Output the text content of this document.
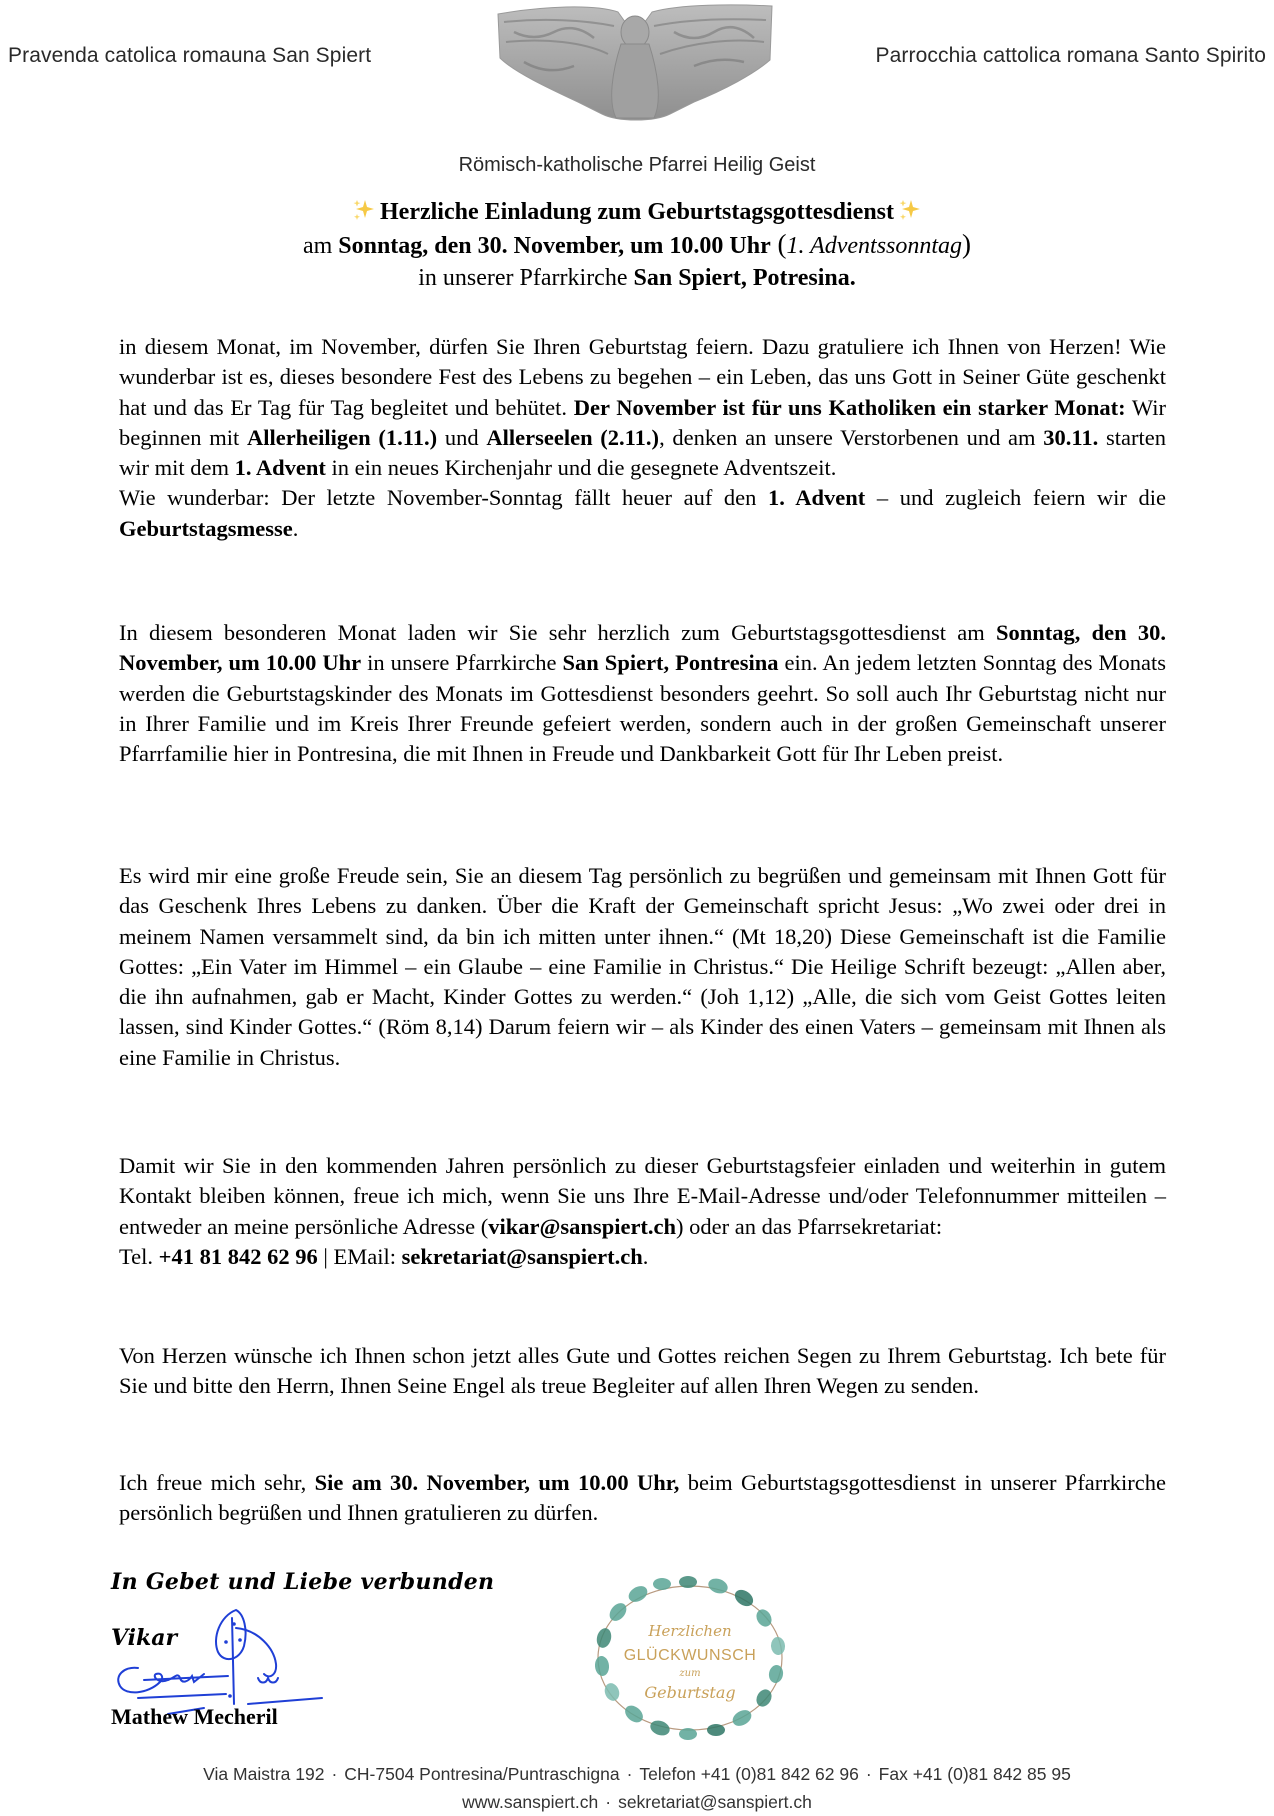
Pravenda catolica romauna San Spiert	Parrocchia cattolica romana Santo Spirito
Römisch-katholische Pfarrei Heilig Geist
Herzliche Einladung zum Geburtstagsgottesdienst
am Sonntag, den 30. November, um 10.00 Uhr (1. Adventssonntag)
in unserer Pfarrkirche San Spiert, Potresina.

in diesem Monat, im November, dürfen Sie Ihren Geburtstag feiern. Dazu gratuliere ich Ihnen von Herzen! Wie wunderbar ist es, dieses besondere Fest des Lebens zu begehen – ein Leben, das uns Gott in Seiner Güte geschenkt hat und das Er Tag für Tag begleitet und behütet. Der November ist für uns Katholiken ein starker Monat: Wir beginnen mit Allerheiligen (1.11.) und Allerseelen (2.11.), denken an unsere Verstorbenen und am 30.11. starten wir mit dem 1. Advent in ein neues Kirchenjahr und die gesegnete Adventszeit.

Wie wunderbar: Der letzte November-Sonntag fällt heuer auf den 1. Advent – und zugleich feiern wir die Geburtstagsmesse.

In diesem besonderen Monat laden wir Sie sehr herzlich zum Geburtstagsgottesdienst am Sonntag, den 30. November, um 10.00 Uhr in unsere Pfarrkirche San Spiert, Pontresina ein. An jedem letzten Sonntag des Monats werden die Geburtstagskinder des Monats im Gottesdienst besonders geehrt. So soll auch Ihr Geburtstag nicht nur in Ihrer Familie und im Kreis Ihrer Freunde gefeiert werden, sondern auch in der großen Gemeinschaft unserer Pfarrfamilie hier in Pontresina, die mit Ihnen in Freude und Dankbarkeit Gott für Ihr Leben preist.

Es wird mir eine große Freude sein, Sie an diesem Tag persönlich zu begrüßen und gemeinsam mit Ihnen Gott für das Geschenk Ihres Lebens zu danken. Über die Kraft der Gemeinschaft spricht Jesus: „Wo zwei oder drei in meinem Namen versammelt sind, da bin ich mitten unter ihnen.“ (Mt 18,20) Diese Gemeinschaft ist die Familie Gottes: „Ein Vater im Himmel – ein Glaube – eine Familie in Christus.“ Die Heilige Schrift bezeugt: „Allen aber, die ihn aufnahmen, gab er Macht, Kinder Gottes zu werden.“ (Joh 1,12) „Alle, die sich vom Geist Gottes leiten lassen, sind Kinder Gottes.“ (Röm 8,14) Darum feiern wir – als Kinder des einen Vaters – gemeinsam mit Ihnen als eine Familie in Christus.

Damit wir Sie in den kommenden Jahren persönlich zu dieser Geburtstagsfeier einladen und weiterhin in gutem Kontakt bleiben können, freue ich mich, wenn Sie uns Ihre E-Mail-Adresse und/oder Telefonnummer mitteilen – entweder an meine persönliche Adresse (vikar@sanspiert.ch) oder an das Pfarrsekretariat:

Tel. +41 81 842 62 96 | EMail: sekretariat@sanspiert.ch.

Von Herzen wünsche ich Ihnen schon jetzt alles Gute und Gottes reichen Segen zu Ihrem Geburtstag. Ich bete für Sie und bitte den Herrn, Ihnen Seine Engel als treue Begleiter auf allen Ihren Wegen zu senden.

Ich freue mich sehr, Sie am 30. November, um 10.00 Uhr, beim Geburtstagsgottesdienst in unserer Pfarrkirche persönlich begrüßen und Ihnen gratulieren zu dürfen.

In Gebet und Liebe verbunden
Vikar
Mathew Mecheril
Herzlichen
GLÜCKWUNSCH
zum
Geburtstag
Via Maistra 192 · CH-7504 Pontresina/Puntraschigna · Telefon +41 (0)81 842 62 96 · Fax +41 (0)81 842 85 95
www.sanspiert.ch · sekretariat@sanspiert.ch
